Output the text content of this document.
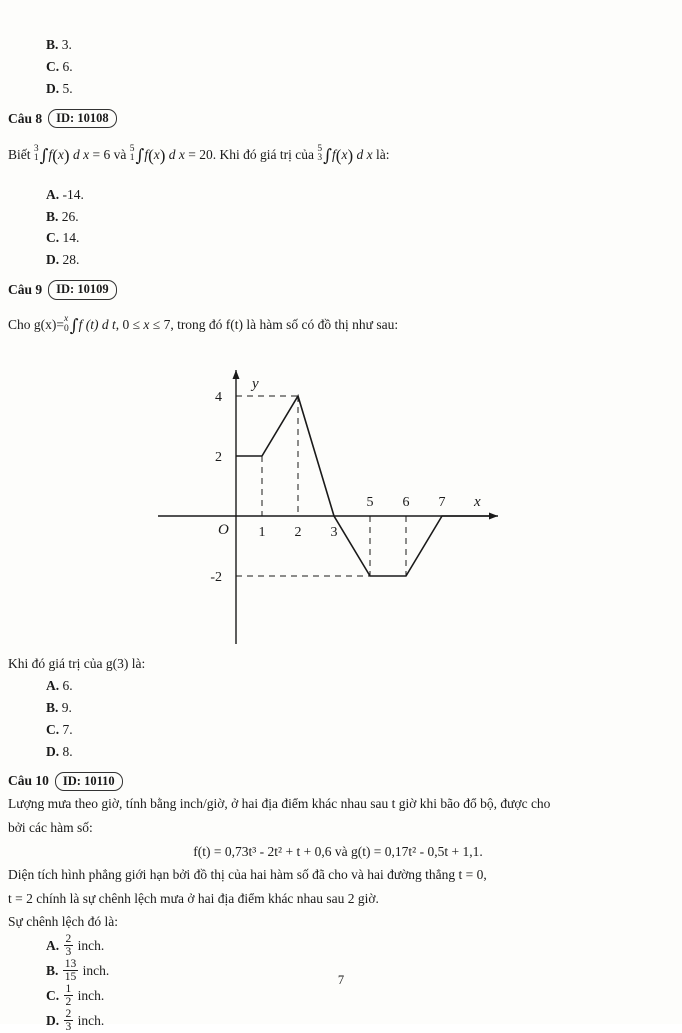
B. 3.

C. 6.

D. 5.

Câu 8	ID: 10108

Biết 3
1 ∫f(x) d x = 6 và 5
1 ∫f(x) d x = 20. Khi đó giá trị của 5
3 ∫f(x) d x là:

A. -14.

B. 26.

C. 14.

D. 28.

Câu 9	ID: 10109

Cho g(x)= x
0 ∫f (t) d t, 0 ≤ x ≤ 7, trong đó f(t) là hàm số có đồ thị như sau:

4
2
-2
1 2 3
5 6 7
y
x
O

Khi đó giá trị của g(3) là:

A. 6.

B. 9.

C. 7.

D. 8.

Câu 10	ID: 10110

Lượng mưa theo giờ, tính bằng inch/giờ, ở hai địa điểm khác nhau sau t giờ khi bão đổ bộ, được cho

bởi các hàm số:

f(t) = 0,73t³ - 2t² + t + 0,6 và g(t) = 0,17t² - 0,5t + 1,1.

Diện tích hình phẳng giới hạn bởi đồ thị của hai hàm số đã cho và hai đường thẳng t = 0,

t = 2 chính là sự chênh lệch mưa ở hai địa điểm khác nhau sau 2 giờ.

Sự chênh lệch đó là:

A. $\frac{2}{3}$ inch.

B. $\frac{13}{15}$ inch.

C. $\frac{1}{2}$ inch.

D. $\frac{2}{3}$ inch.

7
